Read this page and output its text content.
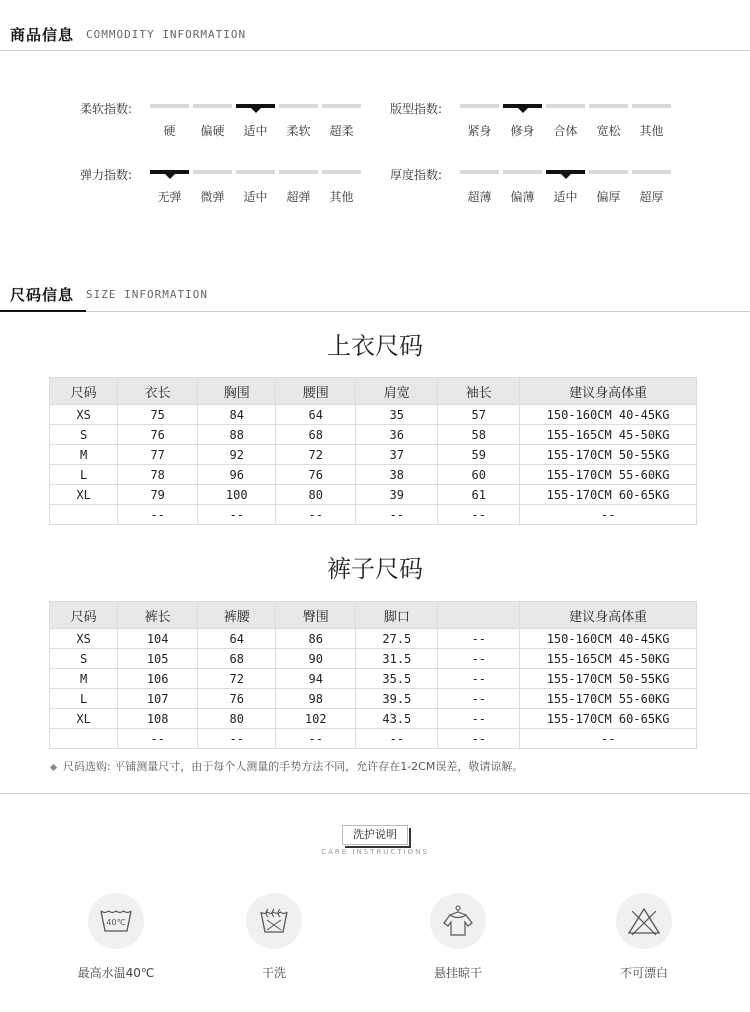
商品信息 COMMODITY INFORMATION
柔软指数:
硬	偏硬	适中	柔软	超柔
版型指数:
紧身	修身	合体	宽松	其他
弹力指数:
无弹	微弹	适中	超弹	其他
厚度指数:
超薄	偏薄	适中	偏厚	超厚
尺码信息 SIZE INFORMATION
上衣尺码
尺码	衣长	胸围	腰围	肩宽	袖长	建议身高体重
XS	75	84	64	35	57	150-160CM 40-45KG
S	76	88	68	36	58	155-165CM 45-50KG
M	77	92	72	37	59	155-170CM 50-55KG
L	78	96	76	38	60	155-170CM 55-60KG
XL	79	100	80	39	61	155-170CM 60-65KG
	--	--	--	--	--	--
裤子尺码
尺码	裤长	裤腰	臀围	脚口		建议身高体重
XS	104	64	86	27.5	--	150-160CM 40-45KG
S	105	68	90	31.5	--	155-165CM 45-50KG
M	106	72	94	35.5	--	155-170CM 50-55KG
L	107	76	98	39.5	--	155-170CM 55-60KG
XL	108	80	102	43.5	--	155-170CM 60-65KG
	--	--	--	--	--	--
尺码选购: 平铺测量尺寸，由于每个人测量的手势方法不同，允许存在1-2CM误差，敬请谅解。
洗护说明
CARE INSTRUCTIONS
40℃
最高水温40℃	干洗	悬挂晾干	不可漂白
